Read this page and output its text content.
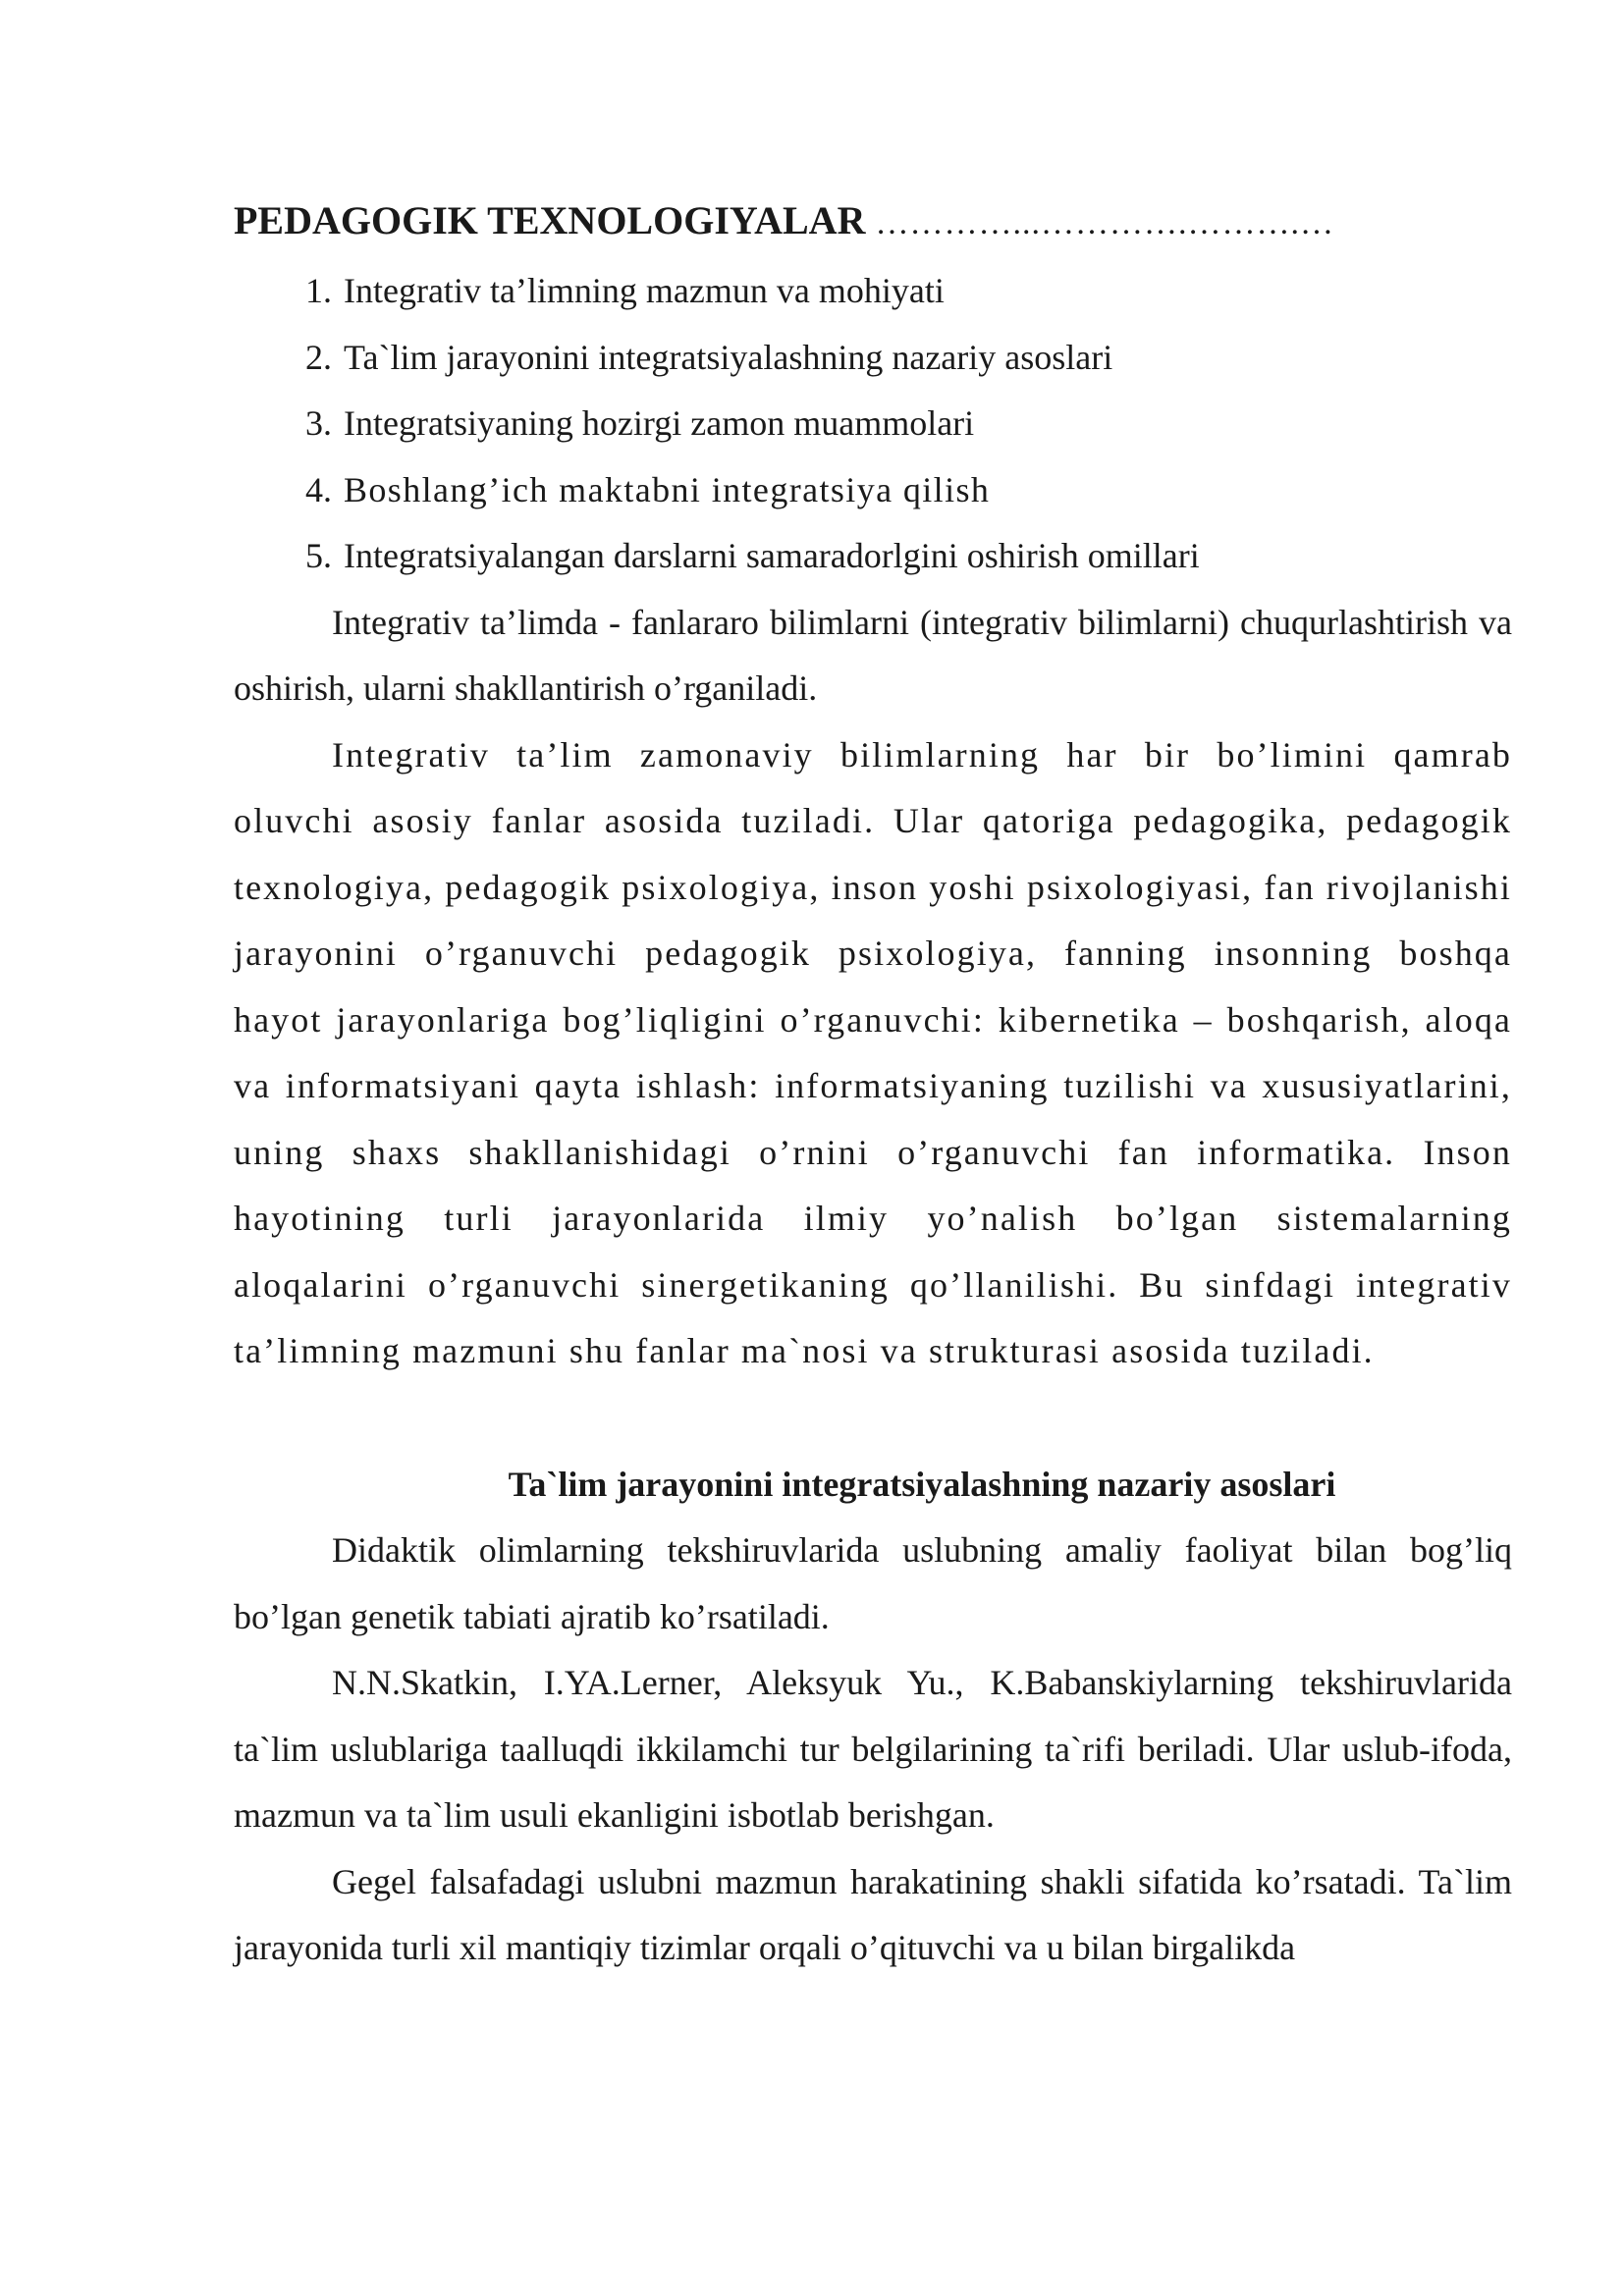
PEDAGOGIK TEXNOLOGIYALAR …………...………….……….…
1. Integrativ ta’limning mazmun va mohiyati
2. Ta`lim jarayonini integratsiyalashning nazariy asoslari
3. Integratsiyaning hozirgi zamon muammolari
4. Boshlang’ich maktabni integratsiya qilish
5. Integratsiyalangan darslarni samaradorlgini oshirish omillari

Integrativ ta’limda - fanlararo bilimlarni (integrativ bilimlarni) chuqurlashtirish va oshirish, ularni shakllantirish o’rganiladi.

Integrativ ta’lim zamonaviy bilimlarning har bir bo’limini qamrab oluvchi asosiy fanlar asosida tuziladi. Ular qatoriga pedagogika, pedagogik texnologiya, pedagogik psixologiya, inson yoshi psixologiyasi, fan rivojlanishi jarayonini o’rganuvchi pedagogik psixologiya, fanning insonning boshqa hayot jarayonlariga bog’liqligini o’rganuvchi: kibernetika – boshqarish, aloqa va informatsiyani qayta ishlash: informatsiyaning tuzilishi va xususiyatlarini, uning shaxs shakllanishidagi o’rnini o’rganuvchi fan informatika. Inson hayotining turli jarayonlarida ilmiy yo’nalish bo’lgan sistemalarning aloqalarini o’rganuvchi sinergetikaning qo’llanilishi. Bu sinfdagi integrativ ta’limning mazmuni shu fanlar ma`nosi va strukturasi asosida tuziladi.

Ta`lim jarayonini integratsiyalashning nazariy asoslari

Didaktik olimlarning tekshiruvlarida uslubning amaliy faoliyat bilan bog’liq bo’lgan genetik tabiati ajratib ko’rsatiladi.

N.N.Skatkin, I.YA.Lerner, Aleksyuk Yu., K.Babanskiylarning tekshiruvlarida ta`lim uslublariga taalluqdi ikkilamchi tur belgilarining ta`rifi beriladi. Ular uslub-ifoda, mazmun va ta`lim usuli ekanligini isbotlab berishgan.

Gegel falsafadagi uslubni mazmun harakatining shakli sifatida ko’rsatadi. Ta`lim jarayonida turli xil mantiqiy tizimlar orqali o’qituvchi va u bilan birgalikda
